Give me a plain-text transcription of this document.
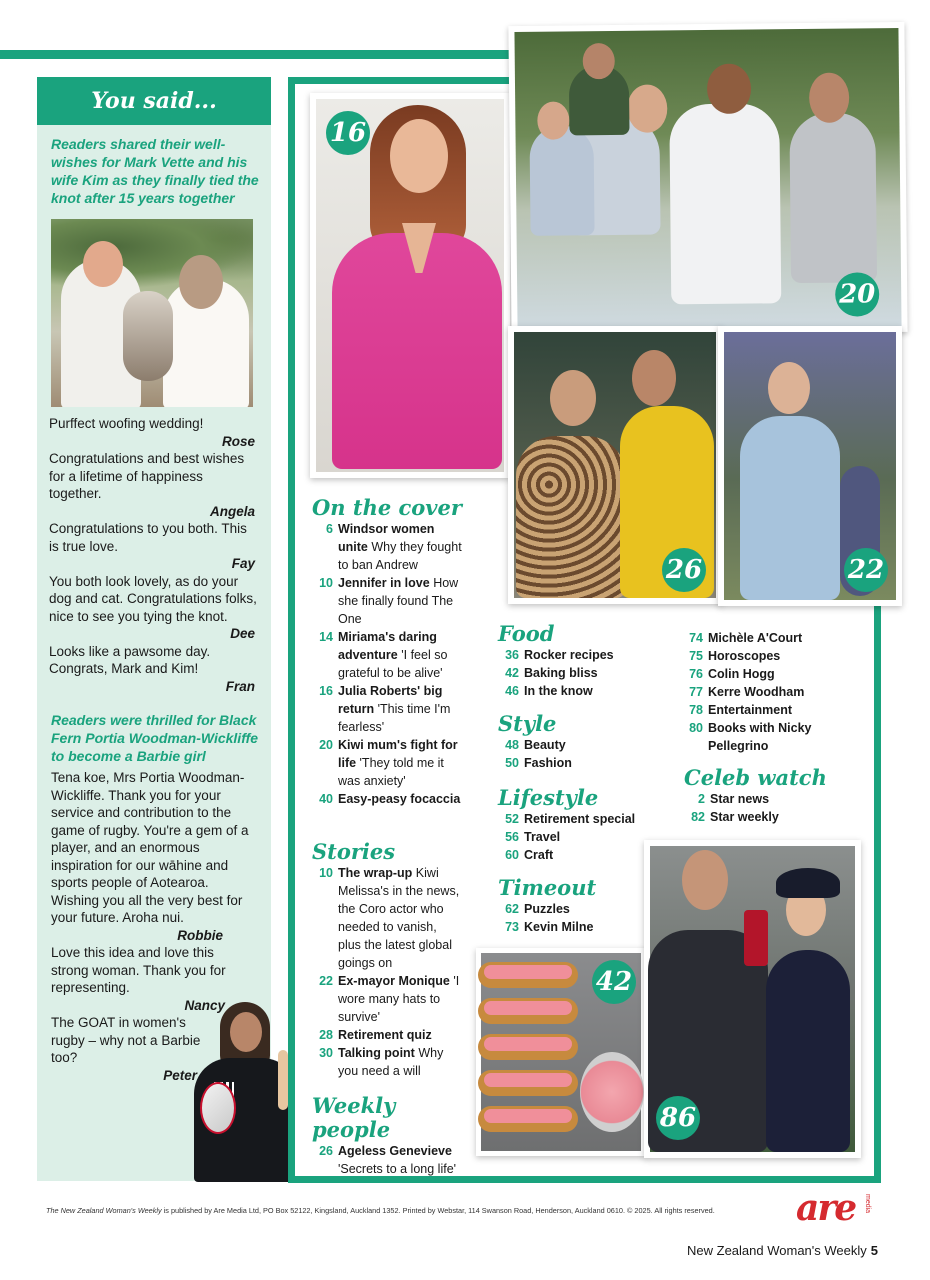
You said...
Readers shared their well-wishes for Mark Vette and his wife Kim as they finally tied the knot after 15 years together
Purffect woofing wedding!
Rose
Congratulations and best wishes for a lifetime of happiness together.
Angela
Congratulations to you both. This is true love.
Fay
You both look lovely, as do your dog and cat. Congratulations folks, nice to see you tying the knot.
Dee
Looks like a pawsome day. Congrats, Mark and Kim!
Fran
Readers were thrilled for Black Fern Portia Woodman-Wickliffe to become a Barbie girl
Tena koe, Mrs Portia Woodman-Wickliffe. Thank you for your service and contribution to the game of rugby. You're a gem of a player, and an enormous inspiration for our wāhine and sports people of Aotearoa. Wishing you all the very best for your future. Aroha nui.
Robbie
Love this idea and love this strong woman. Thank you for representing.
Nancy
The GOAT in women's rugby – why not a Barbie too?
Peter
16
20
26	22
42
86
On the cover
6 Windsor women unite Why they fought to ban Andrew
10 Jennifer in love How she finally found The One
14 Miriama's daring adventure 'I feel so grateful to be alive'
16 Julia Roberts' big return 'This time I'm fearless'
20 Kiwi mum's fight for life 'They told me it was anxiety'
40 Easy-peasy focaccia
Stories
10 The wrap-up Kiwi Melissa's in the news, the Coro actor who needed to vanish, plus the latest global goings on
22 Ex-mayor Monique 'I wore many hats to survive'
28 Retirement quiz
30 Talking point Why you need a will
Weekly people
26 Ageless Genevieve 'Secrets to a long life'
Food
36 Rocker recipes
42 Baking bliss
46 In the know
Style
48 Beauty
50 Fashion
Lifestyle
52 Retirement special
56 Travel
60 Craft
Timeout
62 Puzzles
73 Kevin Milne
74 Michèle A'Court
75 Horoscopes
76 Colin Hogg
77 Kerre Woodham
78 Entertainment
80 Books with Nicky Pellegrino
Celeb watch
2 Star news
82 Star weekly
The New Zealand Woman's Weekly is published by Are Media Ltd, PO Box 52122, Kingsland, Auckland 1352. Printed by Webstar, 114 Swanson Road, Henderson, Auckland 0610. © 2025. All rights reserved.	are media
New Zealand Woman's Weekly 5
